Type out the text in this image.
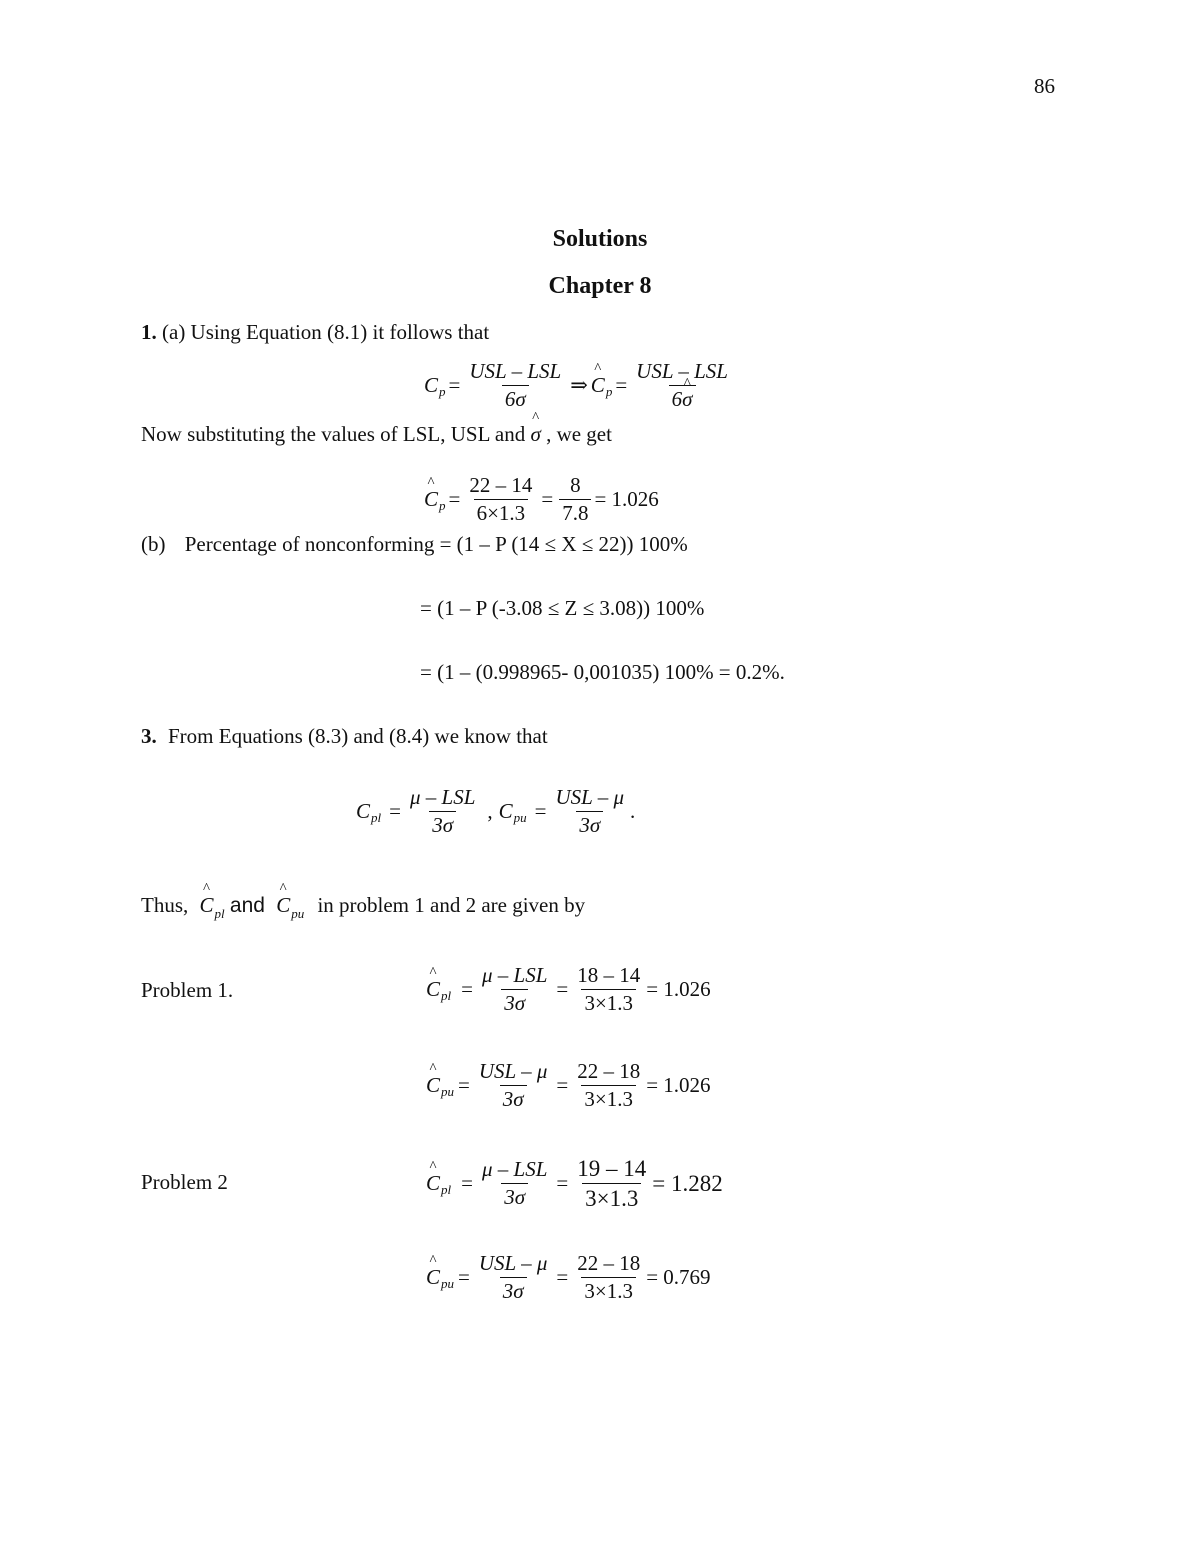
86
Solutions
Chapter 8
1. (a) Using Equation (8.1) it follows that
C $p = \frac{\text{USL – LSL}}{6\sigma}$ ⇒ ^ C $p = \frac{\text{USL – LSL}}{6\^{} \sigma}$
Now substituting the values of LSL, USL and ^ σ , we get
^ C $p = \frac{22 - 14}{6\times 1.3} = \frac{8}{7.8} = 1.026$
(b) Percentage of nonconforming = (1 – P (14 ≤ X ≤ 22)) 100%
= (1 – P (-3.08 ≤ Z ≤ 3.08)) 100%
= (1 – (0.998965- 0,001035) 100% = 0.2%.
3. From Equations (8.3) and (8.4) we know that
C pl = $\frac{\text{μ – LSL}}{3\sigma}$ , C pu = $\frac{\text{USL – μ}}{3\sigma}$ .
Thus, ^ $C_{pl}$ and ^ $C_{pu}$ in problem 1 and 2 are given by
Problem 1.	^ C pl = $\frac{\text{μ – LSL}}{3\sigma} = \frac{18 - 14}{3\times 1.3} = 1.026$
^ C pu = $\frac{\text{USL – μ}}{3\sigma} = \frac{22 - 18}{3\times 1.3} = 1.026$
Problem 2	^ C pl = $\frac{\text{μ – LSL}}{3\sigma} = \frac{19 - 14}{3\times 1.3} = 1.282$
^ C pu = $\frac{\text{USL – μ}}{3\sigma} = \frac{22 - 18}{3\times 1.3} = 0.769$
